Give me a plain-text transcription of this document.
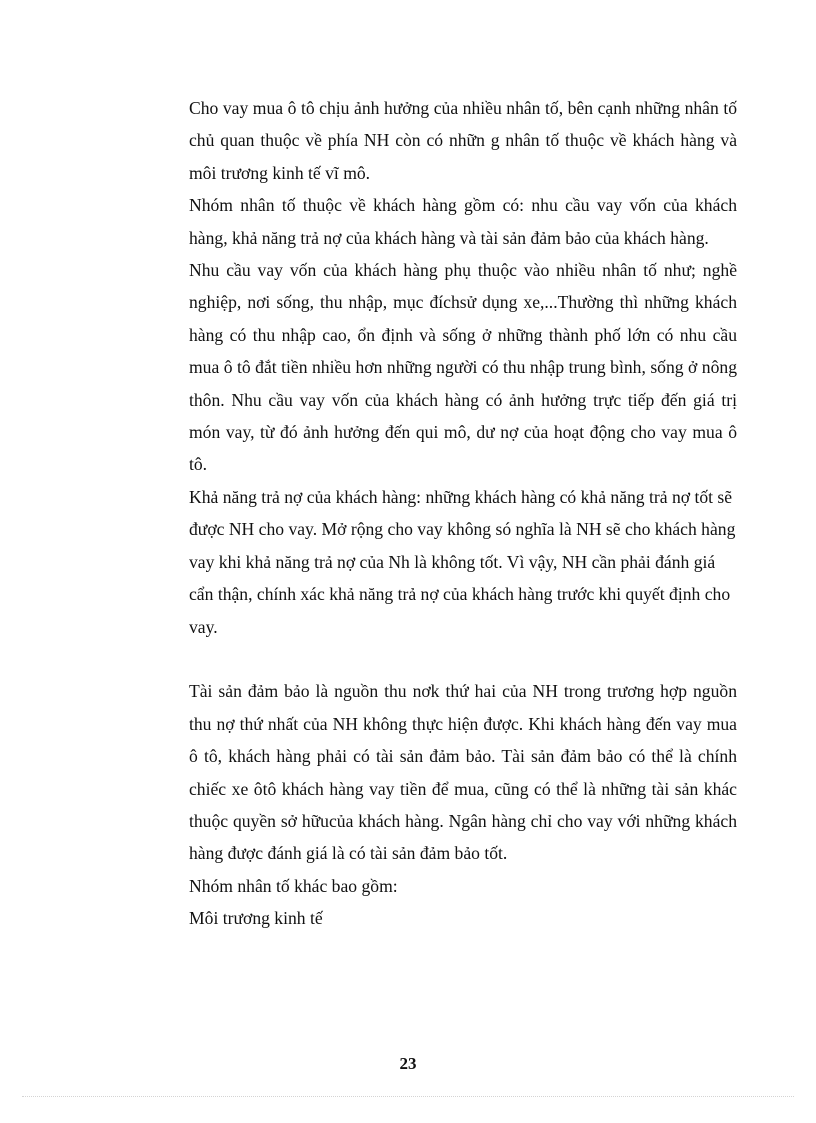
Cho vay mua ô tô chịu ảnh hưởng của nhiều nhân tố, bên cạnh những nhân tố chủ quan thuộc về phía NH còn có nhữn g nhân tố thuộc về khách hàng và môi trương kinh tế vĩ mô.

Nhóm nhân tố thuộc về khách hàng gồm có: nhu cầu vay vốn của khách hàng, khả năng trả nợ của khách hàng và tài sản đảm bảo của khách hàng.

Nhu cầu vay vốn của khách hàng phụ thuộc vào nhiều nhân tố như; nghề nghiệp, nơi sống, thu nhập, mục đíchsử dụng xe,...Thường thì những khách hàng có thu nhập cao, ổn định và sống ở những thành phố lớn có nhu cầu mua ô tô đắt tiền nhiều hơn những người có thu nhập trung bình, sống ở nông thôn. Nhu cầu vay vốn của khách hàng có ảnh hưởng trực tiếp đến giá trị món vay, từ đó ảnh hưởng đến qui mô, dư nợ của hoạt động cho vay mua ô tô.

Khả năng trả nợ của khách hàng: những khách hàng có khả năng trả nợ tốt sẽ được NH cho vay. Mở rộng cho vay không só nghĩa là NH sẽ cho khách hàng vay khi khả năng trả nợ của Nh là không tốt. Vì vậy, NH cần phải đánh giá cẩn thận, chính xác khả năng trả nợ của khách hàng trước khi quyết định cho vay.

Tài sản đảm bảo là nguồn thu nơk thứ hai của NH trong trương hợp nguồn thu nợ thứ nhất của NH không thực hiện được. Khi khách hàng đến vay mua ô tô, khách hàng phải có tài sản đảm bảo. Tài sản đảm bảo có thể là chính chiếc xe ôtô khách hàng vay tiền để mua, cũng có thể là những tài sản khác thuộc quyền sở hữucủa khách hàng. Ngân hàng chỉ cho vay với những khách hàng được đánh giá là có tài sản đảm bảo tốt.

Nhóm nhân tố khác bao gồm:

Môi trương kinh tế

23
